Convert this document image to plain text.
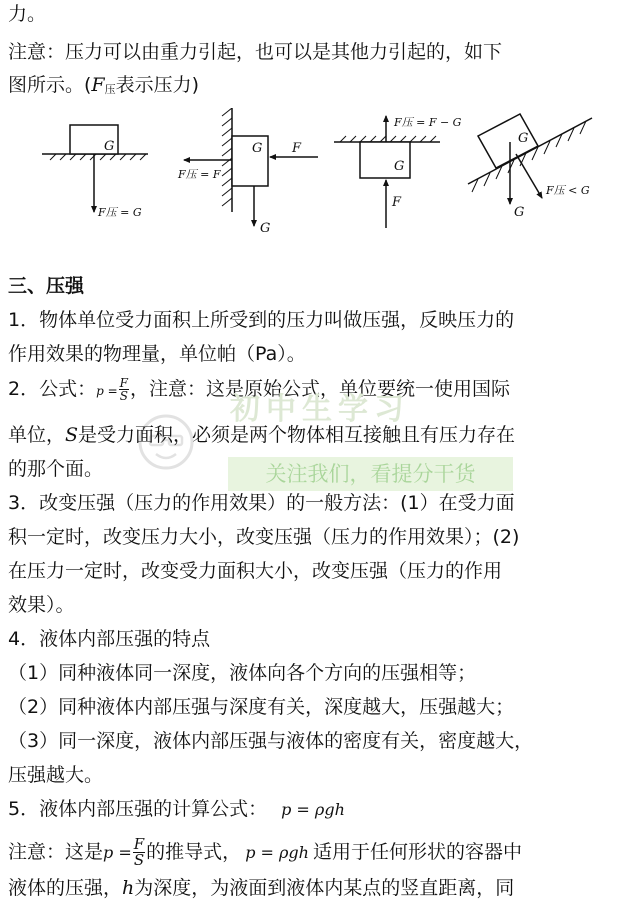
力。
注意：压力可以由重力引起，也可以是其他力引起的，如下
图所示。(F压表示压力)
G
F压 = G
G F
F压 = F
G
G
F压 = F − G
F
G
G
F压 < G
三、压强
1．物体单位受力面积上所受到的压力叫做压强，反映压力的
作用效果的物理量，单位帕（Pa）。
2．公式：$p = \frac{F}{S}$ ，注意：这是原始公式，单位要统一使用国际
初中生学习
关注我们，看提分干货
单位，S是受力面积，必须是两个物体相互接触且有压力存在
的那个面。
3．改变压强（压力的作用效果）的一般方法：(1）在受力面
积一定时，改变压力大小，改变压强（压力的作用效果）；(2)
在压力一定时，改变受力面积大小，改变压强（压力的作用
效果）。
4．液体内部压强的特点
（1）同种液体同一深度，液体向各个方向的压强相等；
（2）同种液体内部压强与深度有关，深度越大，压强越大；
（3）同一深度，液体内部压强与液体的密度有关，密度越大，
压强越大。
5．液体内部压强的计算公式： p = ρgh
注意：这是$p = \frac{F}{S}$ 的推导式， p = ρgh 适用于任何形状的容器中
液体的压强，h为深度，为液面到液体内某点的竖直距离，同
